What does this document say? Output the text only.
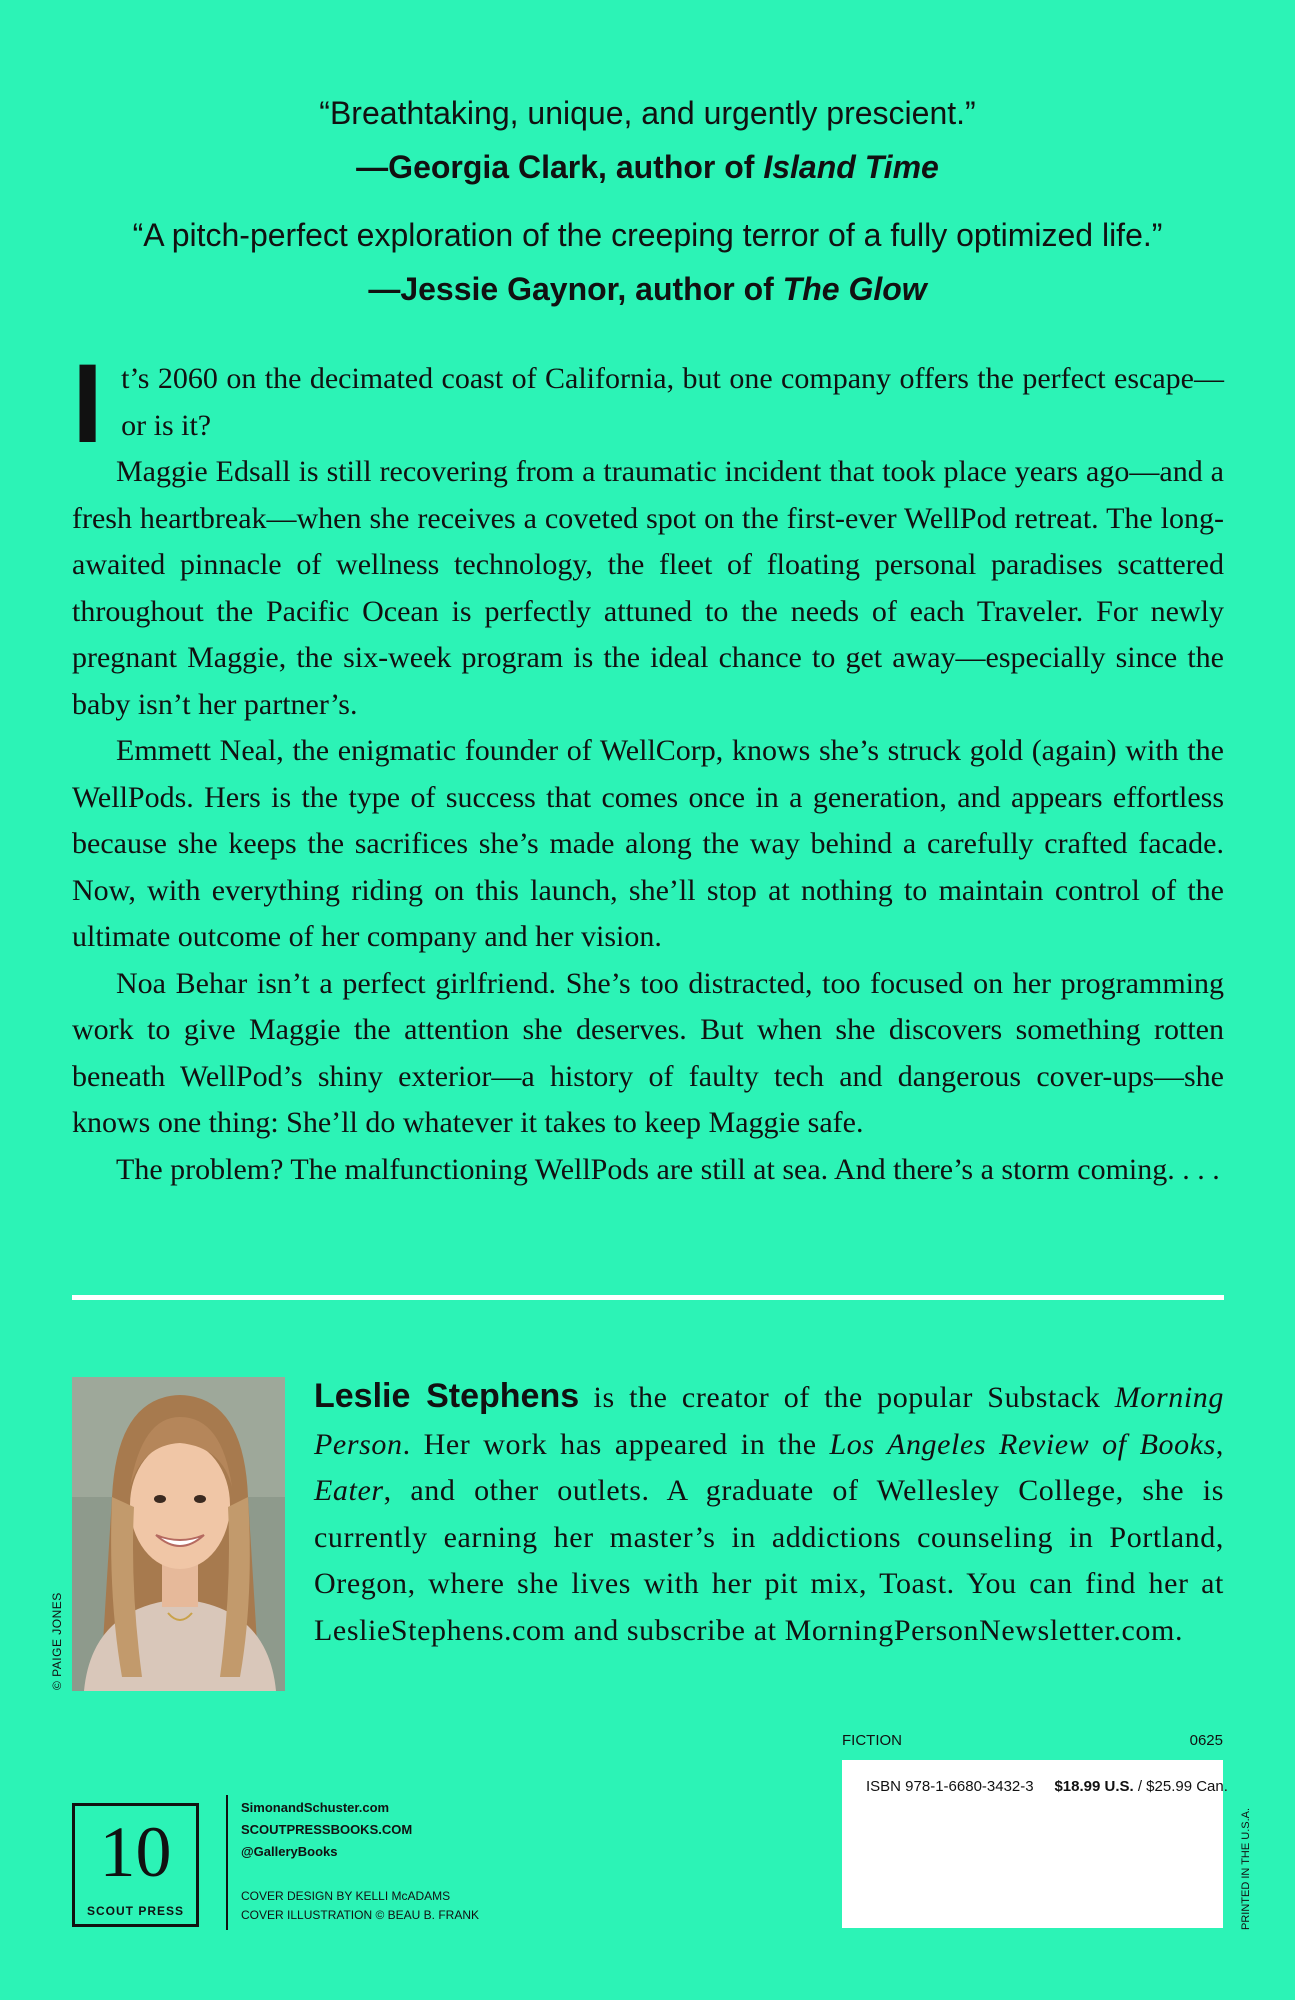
“Breathtaking, unique, and urgently prescient.”
—Georgia Clark, author of Island Time
“A pitch-perfect exploration of the creeping terror of a fully optimized life.” —Jessie Gaynor, author of The Glow

It’s 2060 on the decimated coast of California, but one company offers the perfect escape—or is it?

Maggie Edsall is still recovering from a traumatic incident that took place years ago—and a fresh heartbreak—when she receives a coveted spot on the first-ever WellPod retreat. The long-awaited pinnacle of wellness technology, the fleet of floating personal paradises scattered throughout the Pacific Ocean is perfectly attuned to the needs of each Traveler. For newly pregnant Maggie, the six-week program is the ideal chance to get away—especially since the baby isn’t her partner’s.

Emmett Neal, the enigmatic founder of WellCorp, knows she’s struck gold (again) with the WellPods. Hers is the type of success that comes once in a generation, and appears effortless because she keeps the sacrifices she’s made along the way behind a carefully crafted facade. Now, with everything riding on this launch, she’ll stop at nothing to maintain control of the ultimate outcome of her company and her vision.

Noa Behar isn’t a perfect girlfriend. She’s too distracted, too focused on her programming work to give Maggie the attention she deserves. But when she discovers something rotten beneath WellPod’s shiny exterior—a history of faulty tech and dangerous cover-ups—she knows one thing: She’ll do whatever it takes to keep Maggie safe.

The problem? The malfunctioning WellPods are still at sea. And there’s a storm coming. . . .

© PAIGE JONES
Leslie Stephens is the creator of the popular Substack Morning Person. Her work has appeared in the Los Angeles Review of Books, Eater, and other outlets. A graduate of Wellesley College, she is currently earning her master’s in addictions counseling in Portland, Oregon, where she lives with her pit mix, Toast. You can find her at LeslieStephens.com and subscribe at MorningPersonNewsletter.com.
FICTION	0625
ISBN 978-1-6680-3432-3 $18.99 U.S. / $25.99 Can.
PRINTED IN THE U.S.A.
10
SCOUT PRESS
SimonandSchuster.com
SCOUTPRESSBOOKS.COM
@GalleryBooks
COVER DESIGN BY KELLI McADAMS
COVER ILLUSTRATION © BEAU B. FRANK
